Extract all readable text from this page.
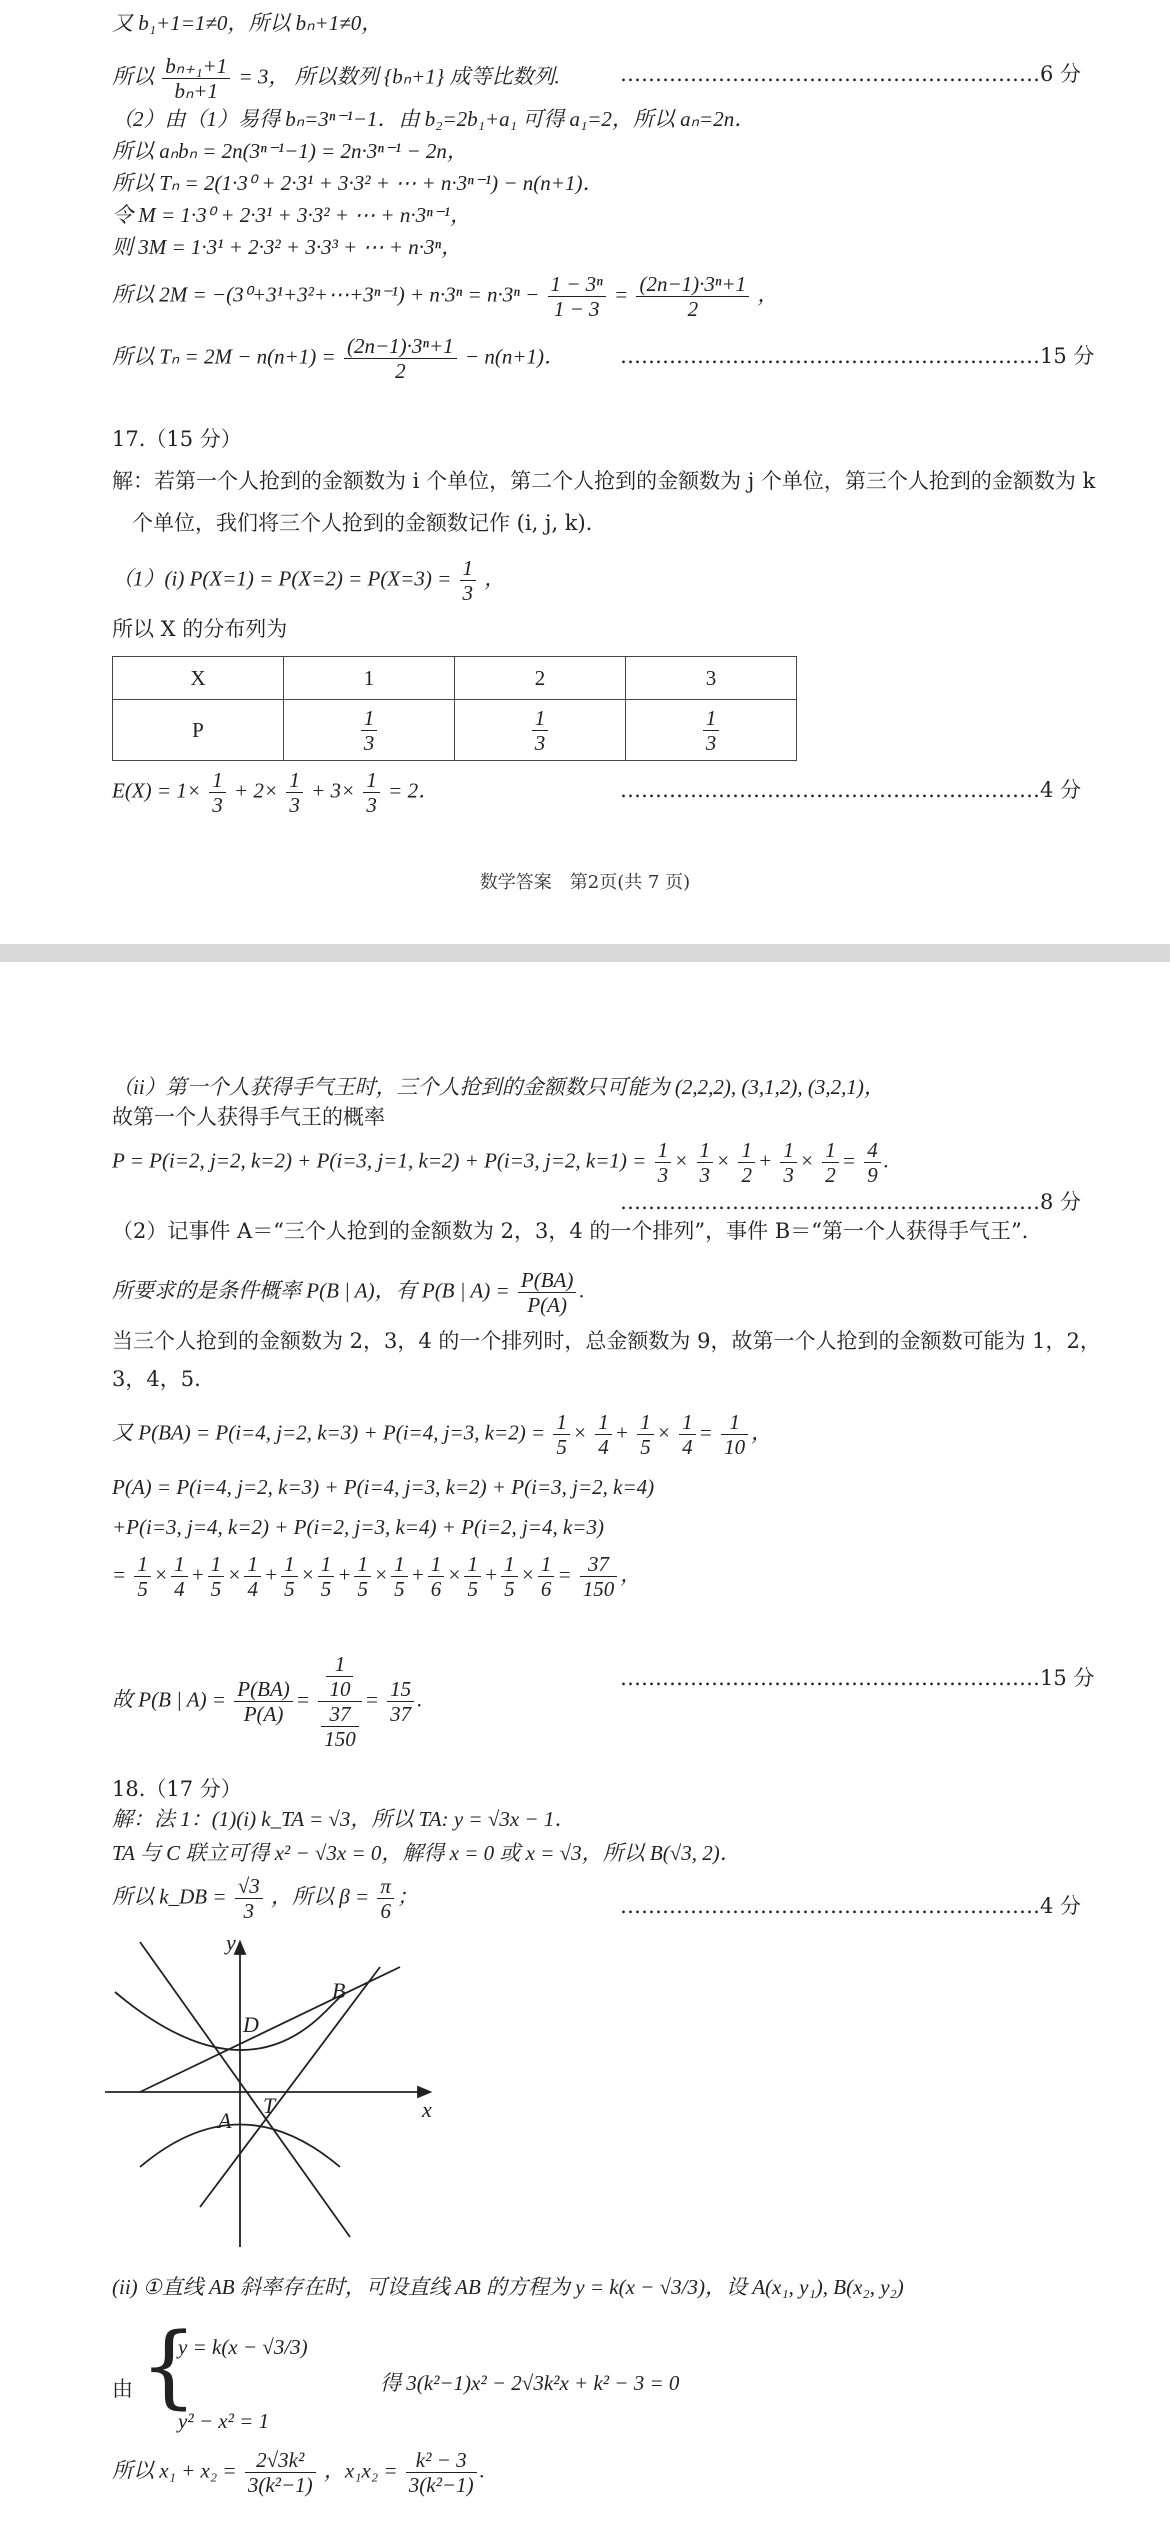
又 b₁+1=1≠0，所以 bₙ+1≠0，
所以 $\frac{\text{bₙ₊₁+1}}{\text{bₙ+1}} = 3$， 所以数列 {bₙ+1} 成等比数列.	……………………………………………………6 分
（2）由（1）易得 bₙ=3ⁿ⁻¹−1．由 b₂=2b₁+a₁ 可得 a₁=2，所以 aₙ=2n．
所以 aₙbₙ = 2n(3ⁿ⁻¹−1) = 2n·3ⁿ⁻¹ − 2n，
所以 Tₙ = 2(1·3⁰ + 2·3¹ + 3·3² + ⋯ + n·3ⁿ⁻¹) − n(n+1)．
令 M = 1·3⁰ + 2·3¹ + 3·3² + ⋯ + n·3ⁿ⁻¹，
则 3M = 1·3¹ + 2·3² + 3·3³ + ⋯ + n·3ⁿ，
所以 2M = −(3⁰+3¹+3²+⋯+3ⁿ⁻¹) + $n\cdot 3^n = n\cdot 3^n - \frac{\text{1 − 3ⁿ}}{1 - 3} = \frac{\text{(2n−1)·3ⁿ+1}}{2}$ ，
所以 $T_n = 2M - n(n+1) = \frac{\text{(2n−1)·3ⁿ+1}}{2} - n(n+1)$．	……………………………………………………15 分
17.（15 分）
解：若第一个人抢到的金额数为 i 个单位，第二个人抢到的金额数为 j 个单位，第三个人抢到的金额数为 k
个单位，我们将三个人抢到的金额数记作 (i, j, k)．
（1）(i) $P(X=1) = P(X=2) = P(X=3) = \frac{1}{3}$ ，
所以 X 的分布列为
X	1	2	3
P	$\frac{1}{3}$	$\frac{1}{3}$	$\frac{1}{3}$
$E(X) = 1\times \frac{1}{3} + 2\times \frac{1}{3} + 3\times \frac{1}{3} = 2$．	……………………………………………………4 分
数学答案　第2页(共 7 页)
（ii）第一个人获得手气王时，三个人抢到的金额数只可能为 (2,2,2), (3,1,2), (3,2,1)，
故第一个人获得手气王的概率
P = P(i=2, j=2, k=2) + P(i=3, j=1, k=2) + P(i=3, j=2, $k=1) = \frac{1}{3} \times \frac{1}{3} \times \frac{1}{2} + \frac{1}{3} \times \frac{1}{2} = \frac{4}{9}$ .
……………………………………………………8 分
（2）记事件 A＝“三个人抢到的金额数为 2，3，4 的一个排列”，事件 B＝“第一个人获得手气王”.
所要求的是条件概率 P(B | A)，有 P(B | $A) = \frac{P(BA)}{P(A)}$ .
当三个人抢到的金额数为 2，3，4 的一个排列时，总金额数为 9，故第一个人抢到的金额数可能为 1，2，
3，4，5.
又 P(BA) = P(i=4, j=2, k=3) + P(i=4, j=3, $k=2) = \frac{1}{5} \times \frac{1}{4} + \frac{1}{5} \times \frac{1}{4} = \frac{1}{10}$ ，
P(A) = P(i=4, j=2, k=3) + P(i=4, j=3, k=2) + P(i=3, j=2, k=4)
+P(i=3, j=4, k=2) + P(i=2, j=3, k=4) + P(i=2, j=4, k=3)
= $\frac{1}{5} \times \frac{1}{4} + \frac{1}{5} \times \frac{1}{4} + \frac{1}{5} \times \frac{1}{5} + \frac{1}{5} \times \frac{1}{5} + \frac{1}{6} \times \frac{1}{5} + \frac{1}{5} \times \frac{1}{6} = \frac{37}{150}$ ，
故 P(B | $A) = \frac{P(BA)}{P(A)} = \frac{\frac{1}{10}}{\frac{37}{150}} = \frac{15}{37}$ .
……………………………………………………15 分
18.（17 分）
解：法 1：(1)(i) k_TA = √3，所以 TA: y = √3x − 1．
TA 与 C 联立可得 x² − √3x = 0，解得 x = 0 或 x = √3，所以 B(√3, 2)．
所以 k_DB = $\frac{√3}{3}$ ，所以 $\beta = \frac{\pi}{6}$ ；	……………………………………………………4 分
y
x
B
D
A
T
(ii) ①直线 AB 斜率存在时，可设直线 AB 的方程为 y = k(x − √3/3)，设 A(x₁, y₁), B(x₂, y₂)
由 {
y = k(x − √3/3)
y² − x² = 1
得 3(k²−1)x² − 2√3k²x + k² − 3 = 0
所以 $x_1 + x_2 = \frac{\text{2√3k²}}{\text{3(k²−1)}}$ ，$x_1x_2 = \frac{\text{k² − 3}}{\text{3(k²−1)}}$ .
